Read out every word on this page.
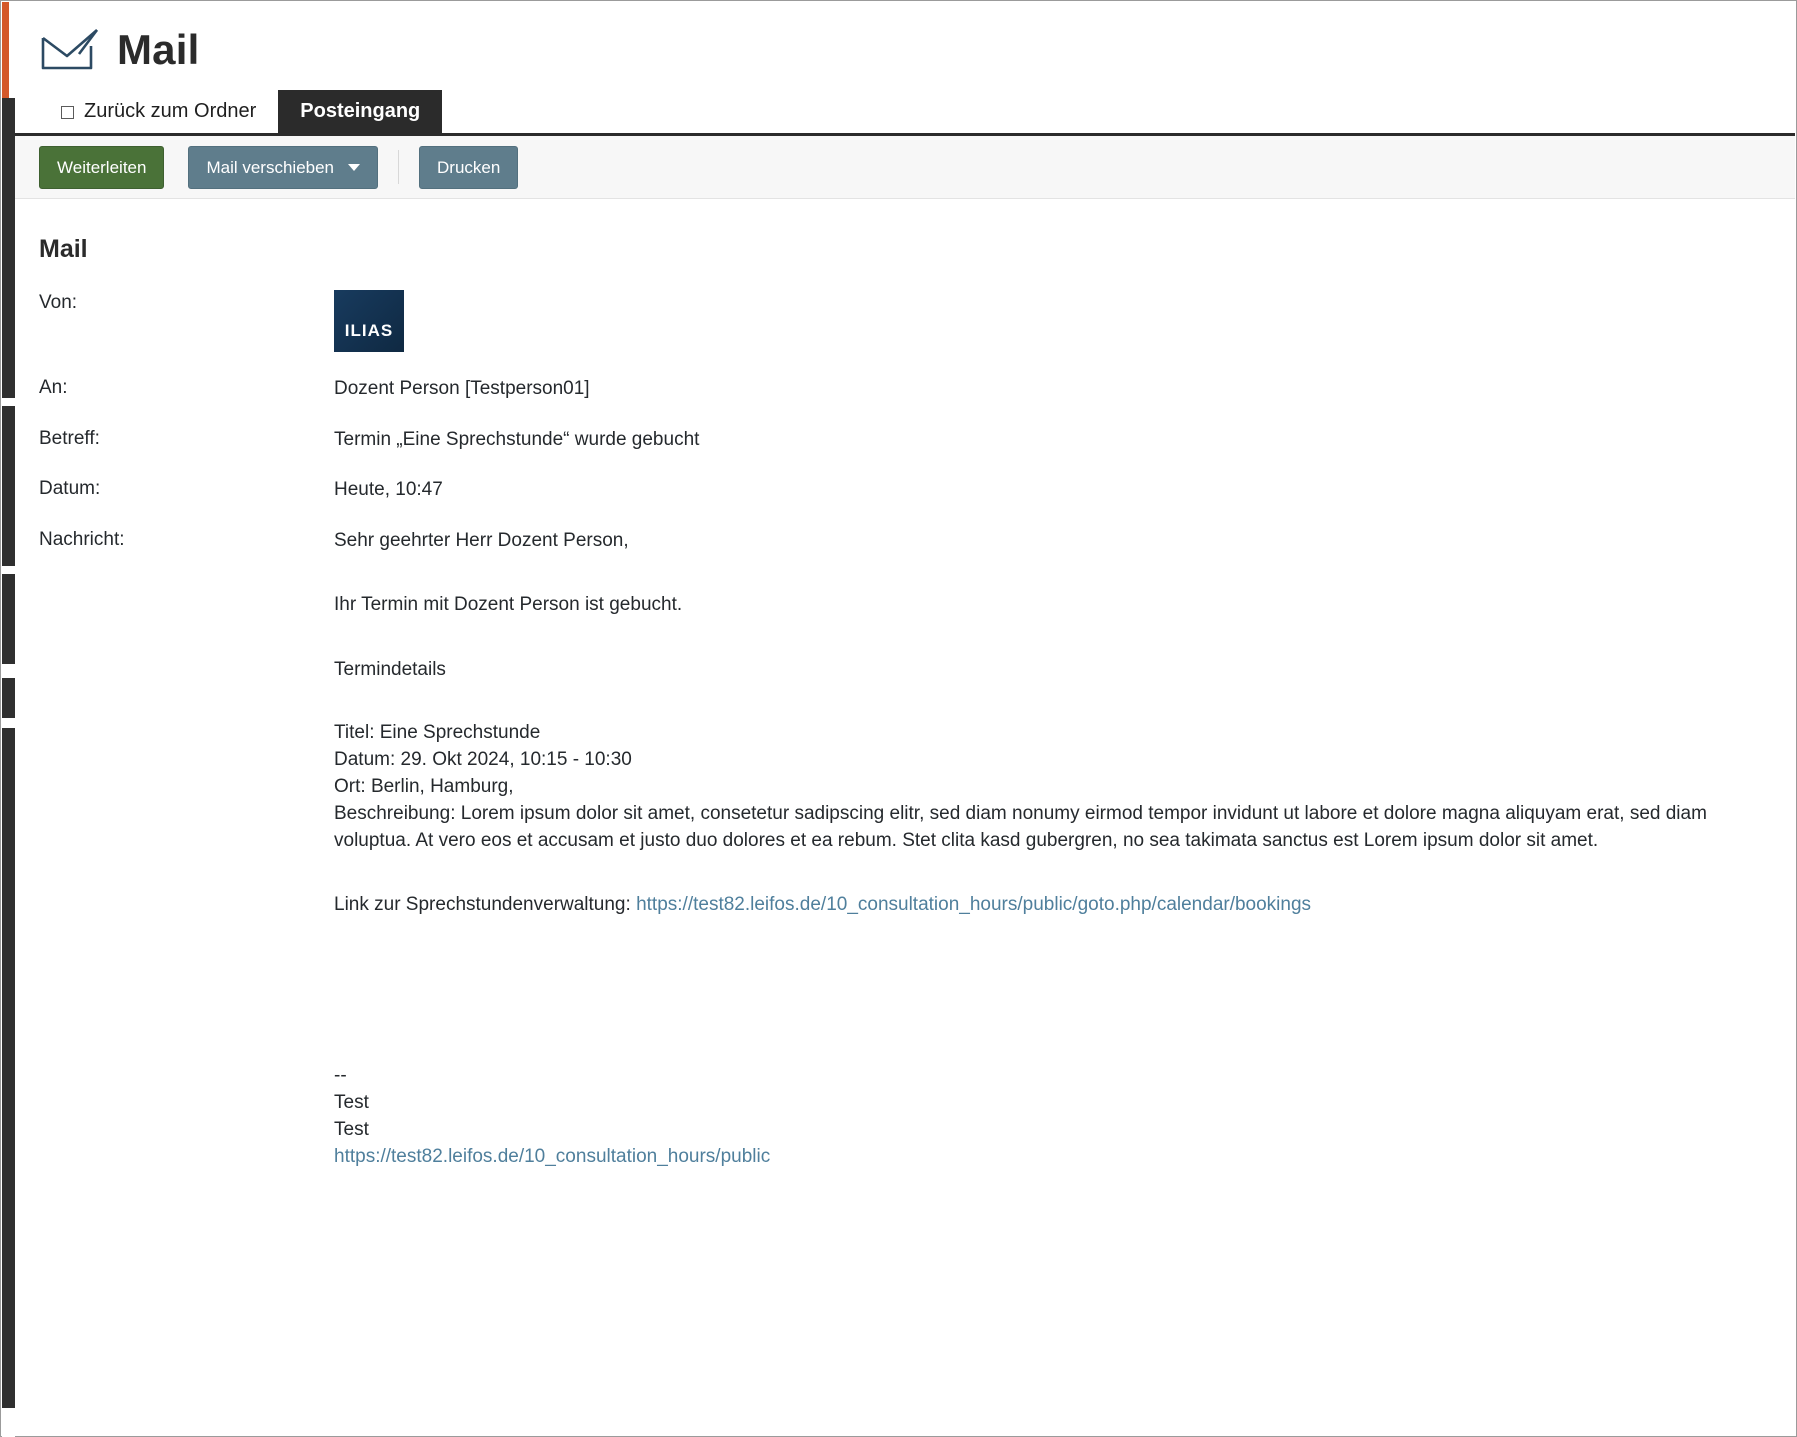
Mail
Zurück zum Ordner Posteingang
Weiterleiten	Mail verschieben	Drucken
Mail
Von:
ILIAS
An:	Dozent Person [Testperson01]
Betreff:	Termin „Eine Sprechstunde“ wurde gebucht
Datum:	Heute, 10:47
Nachricht:	Sehr geehrter Herr Dozent Person,

Ihr Termin mit Dozent Person ist gebucht.

Termindetails

Titel: Eine Sprechstunde
Datum: 29. Okt 2024, 10:15 - 10:30
Ort: Berlin, Hamburg,
Beschreibung: Lorem ipsum dolor sit amet, consetetur sadipscing elitr, sed diam nonumy eirmod tempor invidunt ut labore et dolore magna aliquyam erat, sed diam voluptua. At vero eos et accusam et justo duo dolores et ea rebum. Stet clita kasd gubergren, no sea takimata sanctus est Lorem ipsum dolor sit amet.

Link zur Sprechstundenverwaltung: https://test82.leifos.de/10_consultation_hours/public/goto.php/calendar/bookings

--
Test
Test
https://test82.leifos.de/10_consultation_hours/public
